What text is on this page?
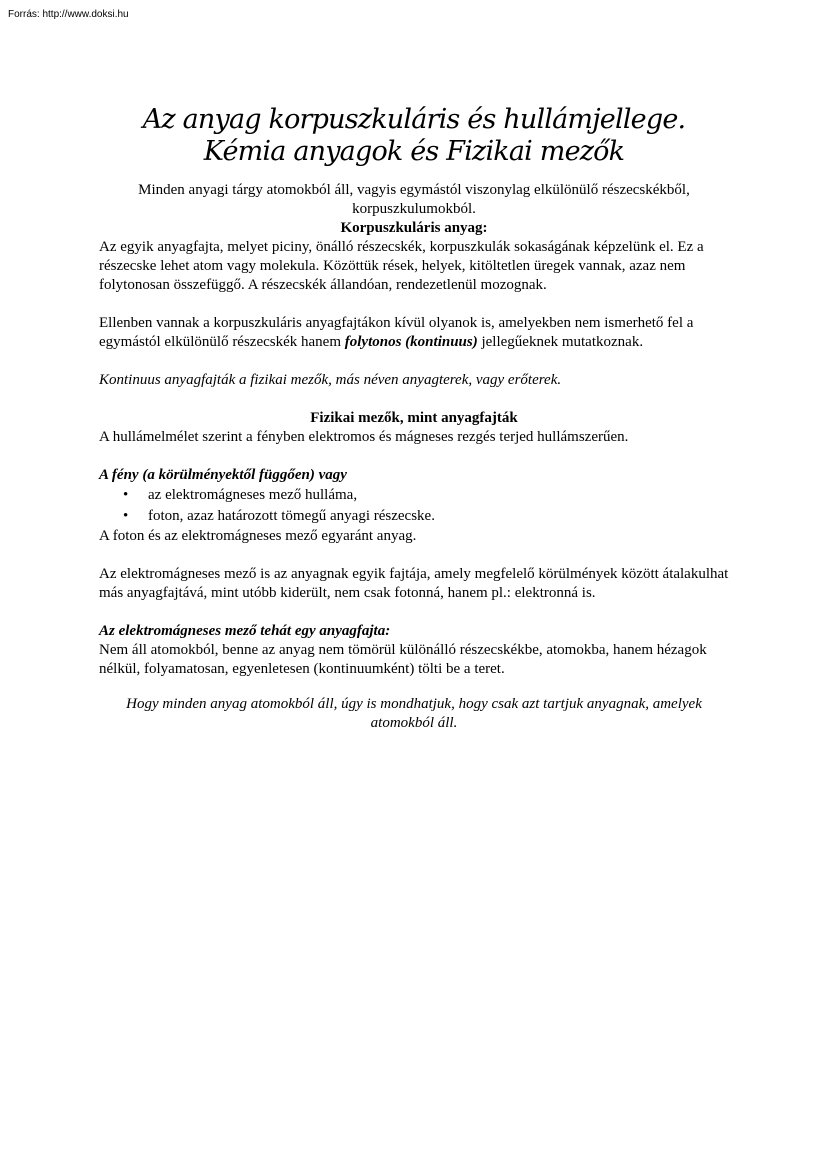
Forrás: http://www.doksi.hu
Az anyag korpuszkuláris és hullámjellege.
Kémia anyagok és Fizikai mezők

Minden anyagi tárgy atomokból áll, vagyis egymástól viszonylag elkülönülő részecskékből, korpuszkulumokból.

Korpuszkuláris anyag:

Az egyik anyagfajta, melyet piciny, önálló részecskék, korpuszkulák sokaságának képzelünk el. Ez a részecske lehet atom vagy molekula. Közöttük rések, helyek, kitöltetlen üregek vannak, azaz nem folytonosan összefüggő. A részecskék állandóan, rendezetlenül mozognak.

Ellenben vannak a korpuszkuláris anyagfajtákon kívül olyanok is, amelyekben nem ismerhető fel a egymástól elkülönülő részecskék hanem folytonos (kontinuus) jellegűeknek mutatkoznak.

Kontinuus anyagfajták a fizikai mezők, más néven anyagterek, vagy erőterek.

Fizikai mezők, mint anyagfajták

A hullámelmélet szerint a fényben elektromos és mágneses rezgés terjed hullámszerűen.

A fény (a körülményektől függően) vagy

• az elektromágneses mező hulláma,
• foton, azaz határozott tömegű anyagi részecske.

A foton és az elektromágneses mező egyaránt anyag.

Az elektromágneses mező is az anyagnak egyik fajtája, amely megfelelő körülmények között átalakulhat más anyagfajtává, mint utóbb kiderült, nem csak fotonná, hanem pl.: elektronná is.

Az elektromágneses mező tehát egy anyagfajta:

Nem áll atomokból, benne az anyag nem tömörül különálló részecskékbe, atomokba, hanem hézagok nélkül, folyamatosan, egyenletesen (kontinuumként) tölti be a teret.

Hogy minden anyag atomokból áll, úgy is mondhatjuk, hogy csak azt tartjuk anyagnak, amelyek atomokból áll.
